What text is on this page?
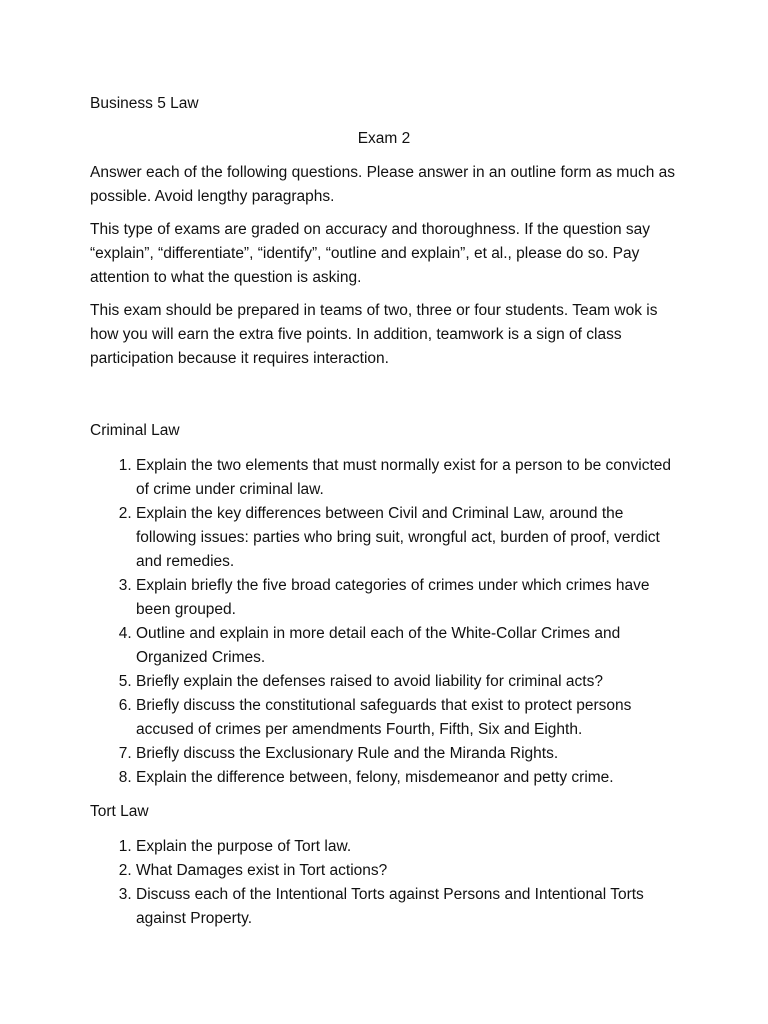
Business 5 Law

Exam 2

Answer each of the following questions. Please answer in an outline form as much as possible. Avoid lengthy paragraphs.

This type of exams are graded on accuracy and thoroughness. If the question say “explain”, “differentiate”, “identify”, “outline and explain”, et al., please do so. Pay attention to what the question is asking.

This exam should be prepared in teams of two, three or four students. Team wok is how you will earn the extra five points. In addition, teamwork is a sign of class participation because it requires interaction.

Criminal Law

1. Explain the two elements that must normally exist for a person to be convicted of crime under criminal law.
2. Explain the key differences between Civil and Criminal Law, around the following issues: parties who bring suit, wrongful act, burden of proof, verdict and remedies.
3. Explain briefly the five broad categories of crimes under which crimes have been grouped.
4. Outline and explain in more detail each of the White-Collar Crimes and Organized Crimes.
5. Briefly explain the defenses raised to avoid liability for criminal acts?
6. Briefly discuss the constitutional safeguards that exist to protect persons accused of crimes per amendments Fourth, Fifth, Six and Eighth.
7. Briefly discuss the Exclusionary Rule and the Miranda Rights.
8. Explain the difference between, felony, misdemeanor and petty crime.

Tort Law

1. Explain the purpose of Tort law.
2. What Damages exist in Tort actions?
3. Discuss each of the Intentional Torts against Persons and Intentional Torts against Property.
